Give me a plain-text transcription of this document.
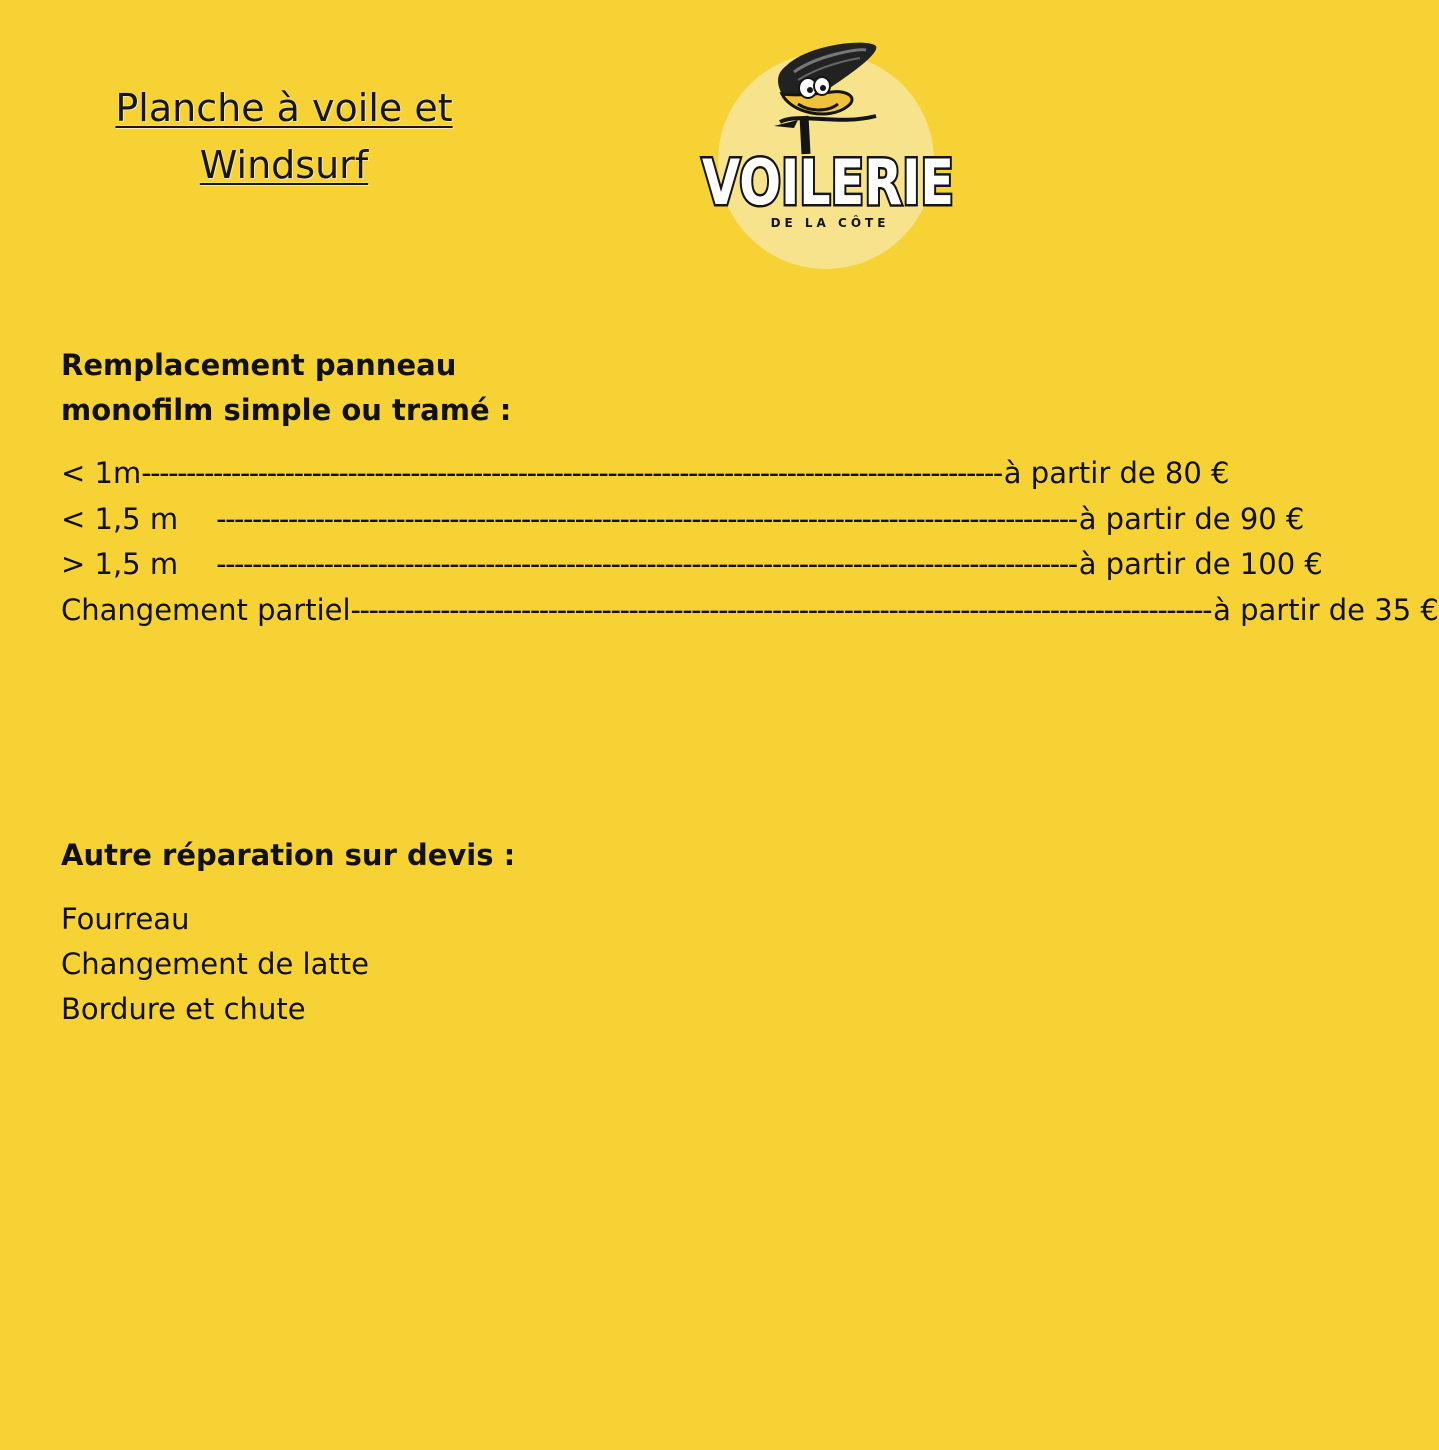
Planche à voile et
Windsurf	VOILERIE
DE LA CÔTE
Remplacement panneau
monofilm simple ou tramé :
< 1m ------------------------------------------------------------------------------------------------ à partir de 80 €
< 1,5 m ------------------------------------------------------------------------------------------------ à partir de 90 €
> 1,5 m ------------------------------------------------------------------------------------------------ à partir de 100 €
Changement partiel ------------------------------------------------------------------------------------------------ à partir de 35 €
Autre réparation sur devis :
Fourreau
Changement de latte
Bordure et chute
